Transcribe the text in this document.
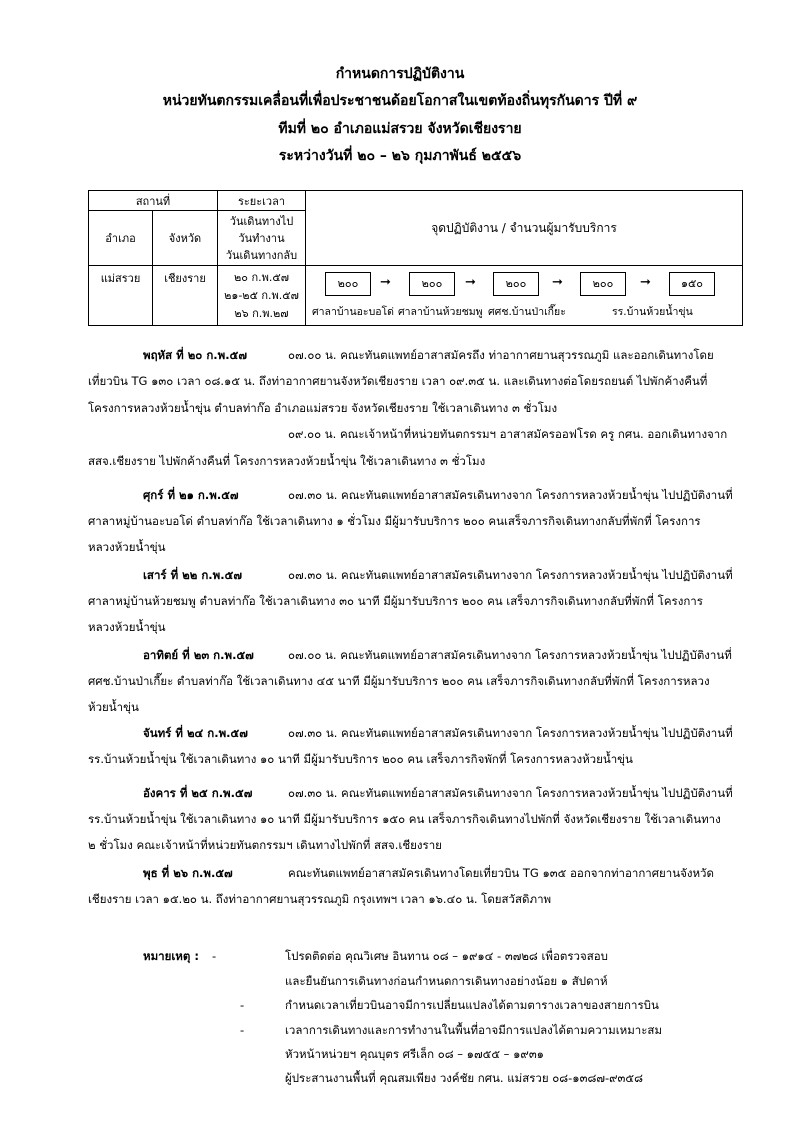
กำหนดการปฏิบัติงาน
หน่วยทันตกรรมเคลื่อนที่เพื่อประชาชนด้อยโอกาสในเขตท้องถิ่นทุรกันดาร ปีที่ ๙
ทีมที่ ๒๐ อำเภอแม่สรวย จังหวัดเชียงราย
ระหว่างวันที่ ๒๐ – ๒๖ กุมภาพันธ์ ๒๕๕๖
สถานที่		ระยะเวลา	จุดปฏิบัติงาน / จำนวนผู้มารับบริการ
อำเภอ	จังหวัด	วันเดินทางไป
วันทำงาน
วันเดินทางกลับ	

แม่สรวย	เชียงราย	๒๐ ก.พ.๕๗
๒๑-๒๕ ก.พ.๕๗
๒๖ ก.พ.๒๗	

๒๐๐	➞	๒๐๐	➞	๒๐๐	➞	๒๐๐	➞	๑๕๐
ศาลาบ้านอะบอโด่ ศาลาบ้านห้วยชมพู ศศช.บ้านป่าเกี๊ยะ	รร.บ้านห้วยน้ำขุ่น
พฤหัส ที่ ๒๐ ก.พ.๕๗	๐๗.๐๐ น. คณะทันตแพทย์อาสาสมัครถึง ท่าอากาศยานสุวรรณภูมิ และออกเดินทางโดย
เที่ยวบิน TG ๑๓๐ เวลา ๐๘.๑๕ น. ถึงท่าอากาศยานจังหวัดเชียงราย เวลา ๐๙.๓๕ น. และเดินทางต่อโดยรถยนต์ ไปพักค้างคืนที่
โครงการหลวงห้วยน้ำขุ่น ตำบลท่าก๊อ อำเภอแม่สรวย จังหวัดเชียงราย ใช้เวลาเดินทาง ๓ ชั่วโมง
๐๙.๐๐ น. คณะเจ้าหน้าที่หน่วยทันตกรรมฯ อาสาสมัครออฟโรด ครู กศน. ออกเดินทางจาก
สสจ.เชียงราย ไปพักค้างคืนที่ โครงการหลวงห้วยน้ำขุ่น ใช้เวลาเดินทาง ๓ ชั่วโมง
ศุกร์ ที่ ๒๑ ก.พ.๕๗	๐๗.๓๐ น. คณะทันตแพทย์อาสาสมัครเดินทางจาก โครงการหลวงห้วยน้ำขุ่น ไปปฏิบัติงานที่
ศาลาหมู่บ้านอะบอโด่ ตำบลท่าก๊อ ใช้เวลาเดินทาง ๑ ชั่วโมง มีผู้มารับบริการ ๒๐๐ คนเสร็จภารกิจเดินทางกลับที่พักที่ โครงการ
หลวงห้วยน้ำขุ่น
เสาร์ ที่ ๒๒ ก.พ.๕๗	๐๗.๓๐ น. คณะทันตแพทย์อาสาสมัครเดินทางจาก โครงการหลวงห้วยน้ำขุ่น ไปปฏิบัติงานที่
ศาลาหมู่บ้านห้วยชมพู ตำบลท่าก๊อ ใช้เวลาเดินทาง ๓๐ นาที มีผู้มารับบริการ ๒๐๐ คน เสร็จภารกิจเดินทางกลับที่พักที่ โครงการ
หลวงห้วยน้ำขุ่น
อาทิตย์ ที่ ๒๓ ก.พ.๕๗	๐๗.๐๐ น. คณะทันตแพทย์อาสาสมัครเดินทางจาก โครงการหลวงห้วยน้ำขุ่น ไปปฏิบัติงานที่
ศศช.บ้านป่าเกี๊ยะ ตำบลท่าก๊อ ใช้เวลาเดินทาง ๔๕ นาที มีผู้มารับบริการ ๒๐๐ คน เสร็จภารกิจเดินทางกลับที่พักที่ โครงการหลวง
ห้วยน้ำขุ่น
จันทร์ ที่ ๒๔ ก.พ.๕๗	๐๗.๓๐ น. คณะทันตแพทย์อาสาสมัครเดินทางจาก โครงการหลวงห้วยน้ำขุ่น ไปปฏิบัติงานที่
รร.บ้านห้วยน้ำขุ่น ใช้เวลาเดินทาง ๑๐ นาที มีผู้มารับบริการ ๒๐๐ คน เสร็จภารกิจพักที่ โครงการหลวงห้วยน้ำขุ่น
อังคาร ที่ ๒๕ ก.พ.๕๗	๐๗.๓๐ น. คณะทันตแพทย์อาสาสมัครเดินทางจาก โครงการหลวงห้วยน้ำขุ่น ไปปฏิบัติงานที่
รร.บ้านห้วยน้ำขุ่น ใช้เวลาเดินทาง ๑๐ นาที มีผู้มารับบริการ ๑๕๐ คน เสร็จภารกิจเดินทางไปพักที่ จังหวัดเชียงราย ใช้เวลาเดินทาง
๒ ชั่วโมง คณะเจ้าหน้าที่หน่วยทันตกรรมฯ เดินทางไปพักที่ สสจ.เชียงราย
พุธ ที่ ๒๖ ก.พ.๕๗	คณะทันตแพทย์อาสาสมัครเดินทางโดยเที่ยวบิน TG ๑๓๕ ออกจากท่าอากาศยานจังหวัด
เชียงราย เวลา ๑๕.๒๐ น. ถึงท่าอากาศยานสุวรรณภูมิ กรุงเทพฯ เวลา ๑๖.๔๐ น. โดยสวัสดิภาพ
หมายเหตุ : -	โปรดติดต่อ คุณวิเศษ อินทาน ๐๘ – ๑๙๑๔ - ๓๗๒๘ เพื่อตรวจสอบ
และยืนยันการเดินทางก่อนกำหนดการเดินทางอย่างน้อย ๑ สัปดาห์
-	กำหนดเวลาเที่ยวบินอาจมีการเปลี่ยนแปลงได้ตามตารางเวลาของสายการบิน
-	เวลาการเดินทางและการทำงานในพื้นที่อาจมีการแปลงได้ตามความเหมาะสม
หัวหน้าหน่วยฯ คุณบุตร ศรีเล็ก ๐๘ – ๑๗๕๕ – ๑๙๓๑
ผู้ประสานงานพื้นที่ คุณสมเพียง วงค์ชัย กศน. แม่สรวย ๐๘-๑๓๘๗-๙๓๕๘
